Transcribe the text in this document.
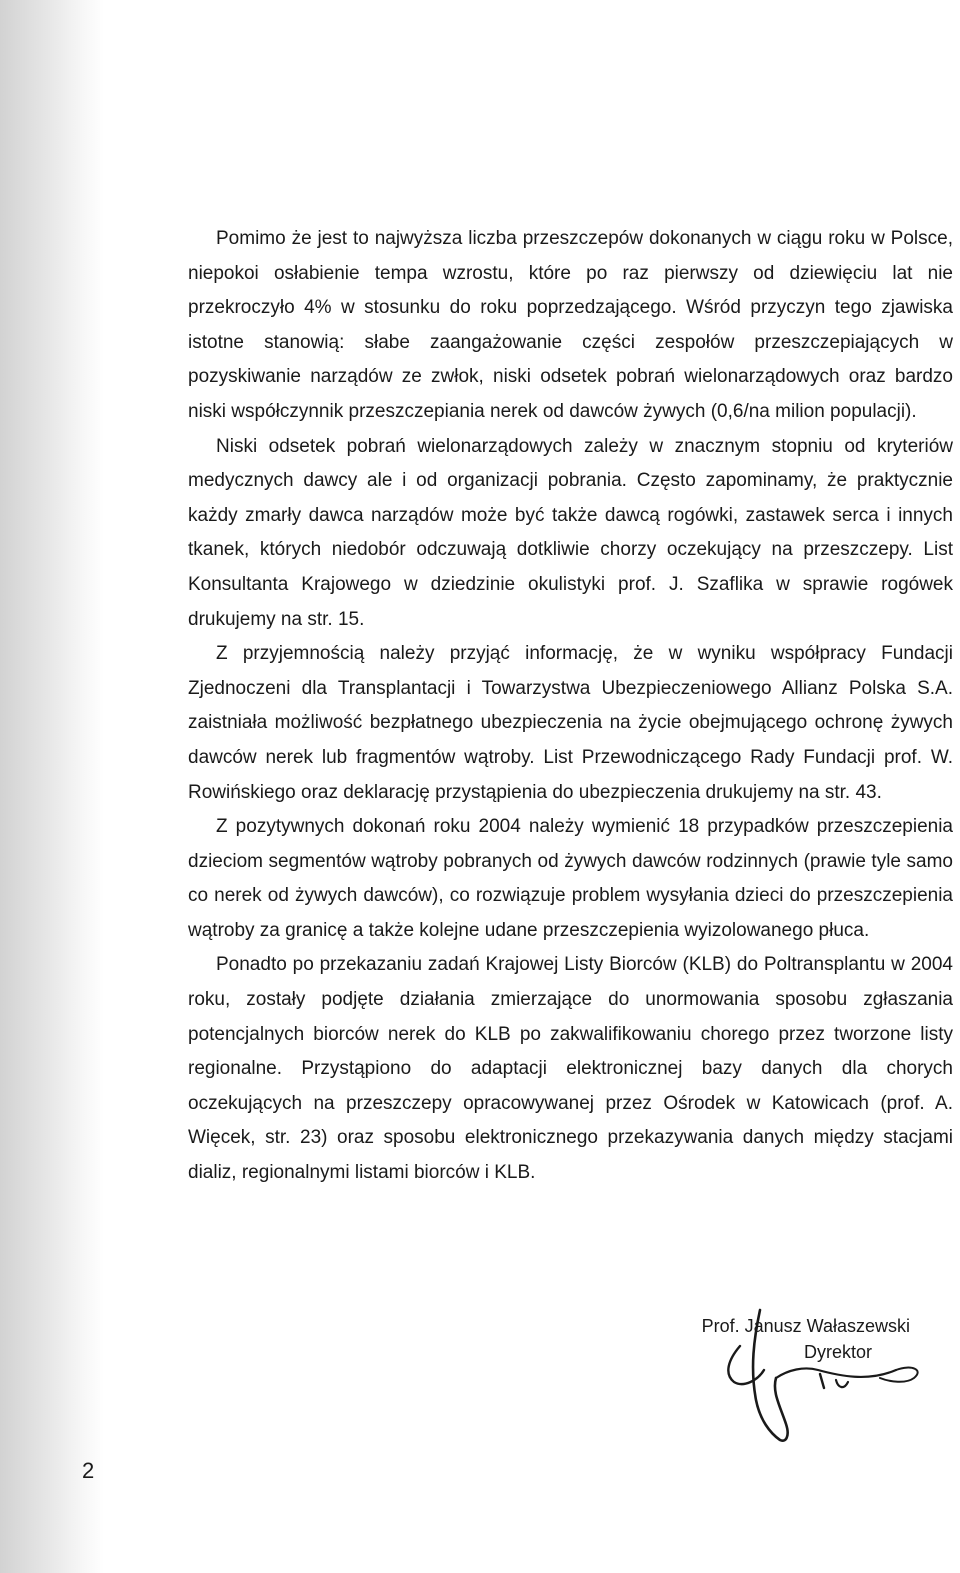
Pomimo że jest to najwyższa liczba przeszczepów dokonanych w ciągu roku w Polsce, niepokoi osłabienie tempa wzrostu, które po raz pierwszy od dziewięciu lat nie przekroczyło 4% w stosunku do roku poprzedzającego. Wśród przyczyn tego zjawiska istotne stanowią: słabe zaangażowanie części zespołów przeszczepiających w pozyskiwanie narządów ze zwłok, niski odsetek pobrań wielonarządowych oraz bardzo niski współczynnik przeszczepiania nerek od dawców żywych (0,6/na milion populacji).

Niski odsetek pobrań wielonarządowych zależy w znacznym stopniu od kryteriów medycznych dawcy ale i od organizacji pobrania. Często zapominamy, że praktycznie każdy zmarły dawca narządów może być także dawcą rogówki, zastawek serca i innych tkanek, których niedobór odczuwają dotkliwie chorzy oczekujący na przeszczepy. List Konsultanta Krajowego w dziedzinie okulistyki prof. J. Szaflika w sprawie rogówek drukujemy na str. 15.

Z przyjemnością należy przyjąć informację, że w wyniku współpracy Fundacji Zjednoczeni dla Transplantacji i Towarzystwa Ubezpieczeniowego Allianz Polska S.A. zaistniała możliwość bezpłatnego ubezpieczenia na życie obejmującego ochronę żywych dawców nerek lub fragmentów wątroby. List Przewodniczącego Rady Fundacji prof. W. Rowińskiego oraz deklarację przystąpienia do ubezpieczenia drukujemy na str. 43.

Z pozytywnych dokonań roku 2004 należy wymienić 18 przypadków przeszczepienia dzieciom segmentów wątroby pobranych od żywych dawców rodzinnych (prawie tyle samo co nerek od żywych dawców), co rozwiązuje problem wysyłania dzieci do przeszczepienia wątroby za granicę a także kolejne udane przeszczepienia wyizolowanego płuca.

Ponadto po przekazaniu zadań Krajowej Listy Biorców (KLB) do Poltransplantu w 2004 roku, zostały podjęte działania zmierzające do unormowania sposobu zgłaszania potencjalnych biorców nerek do KLB po zakwalifikowaniu chorego przez tworzone listy regionalne. Przystąpiono do adaptacji elektronicznej bazy danych dla chorych oczekujących na przeszczepy opracowywanej przez Ośrodek w Katowicach (prof. A. Więcek, str. 23) oraz sposobu elektronicznego przekazywania danych między stacjami dializ, regionalnymi listami biorców i KLB.

Prof. Janusz Wałaszewski
Dyrektor
2
